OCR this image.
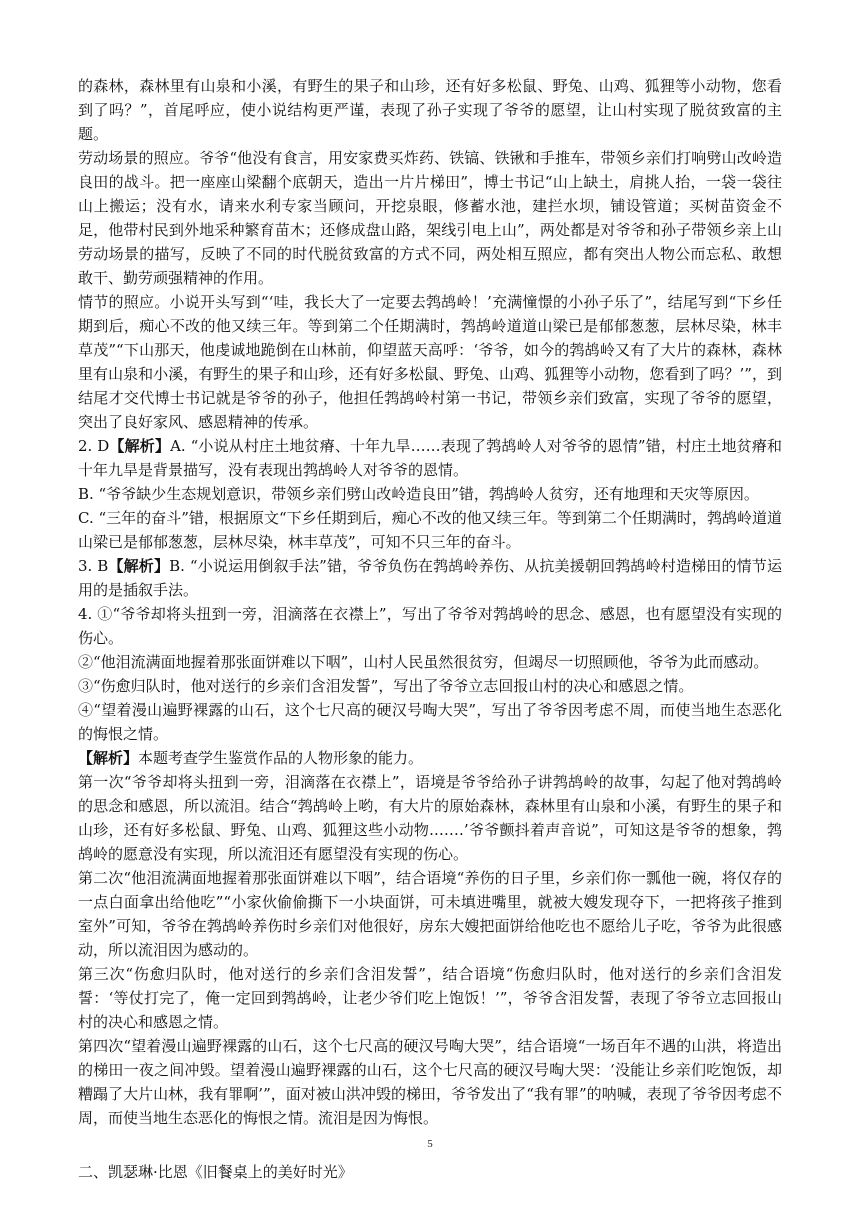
的森林，森林里有山泉和小溪，有野生的果子和山珍，还有好多松鼠、野兔、山鸡、狐狸等小动物，您看到了吗？”，首尾呼应，使小说结构更严谨，表现了孙子实现了爷爷的愿望，让山村实现了脱贫致富的主题。

劳动场景的照应。爷爷“他没有食言，用安家费买炸药、铁镐、铁锹和手推车，带领乡亲们打响劈山改岭造良田的战斗。把一座座山梁翻个底朝天，造出一片片梯田”，博士书记“山上缺土，肩挑人抬，一袋一袋往山上搬运；没有水，请来水利专家当顾问，开挖泉眼，修蓄水池，建拦水坝，铺设管道；买树苗资金不足，他带村民到外地采种繁育苗木；还修成盘山路，架线引电上山”，两处都是对爷爷和孙子带领乡亲上山劳动场景的描写，反映了不同的时代脱贫致富的方式不同，两处相互照应，都有突出人物公而忘私、敢想敢干、勤劳顽强精神的作用。

情节的照应。小说开头写到“‘哇，我长大了一定要去鹁鸪岭！’充满憧憬的小孙子乐了”，结尾写到“下乡任期到后，痴心不改的他又续三年。等到第二个任期满时，鹁鸪岭道道山梁已是郁郁葱葱，层林尽染，林丰草茂”“下山那天，他虔诚地跪倒在山林前，仰望蓝天高呼：‘爷爷，如今的鹁鸪岭又有了大片的森林，森林里有山泉和小溪，有野生的果子和山珍，还有好多松鼠、野兔、山鸡、狐狸等小动物，您看到了吗？’”，到结尾才交代博士书记就是爷爷的孙子，他担任鹁鸪岭村第一书记，带领乡亲们致富，实现了爷爷的愿望，突出了良好家风、感恩精神的传承。

2. D【解析】A. “小说从村庄土地贫瘠、十年九旱……表现了鹁鸪岭人对爷爷的恩情”错，村庄土地贫瘠和十年九旱是背景描写，没有表现出鹁鸪岭人对爷爷的恩情。

B. “爷爷缺少生态规划意识，带领乡亲们劈山改岭造良田”错，鹁鸪岭人贫穷，还有地理和天灾等原因。

C. “三年的奋斗”错，根据原文“下乡任期到后，痴心不改的他又续三年。等到第二个任期满时，鹁鸪岭道道山梁已是郁郁葱葱，层林尽染，林丰草茂”，可知不只三年的奋斗。

3. B【解析】B. “小说运用倒叙手法”错，爷爷负伤在鹁鸪岭养伤、从抗美援朝回鹁鸪岭村造梯田的情节运用的是插叙手法。

4. ①“爷爷却将头扭到一旁，泪滴落在衣襟上”，写出了爷爷对鹁鸪岭的思念、感恩，也有愿望没有实现的伤心。

②“他泪流满面地握着那张面饼难以下咽”，山村人民虽然很贫穷，但竭尽一切照顾他，爷爷为此而感动。

③“伤愈归队时，他对送行的乡亲们含泪发誓”，写出了爷爷立志回报山村的决心和感恩之情。

④“望着漫山遍野裸露的山石，这个七尺高的硬汉号啕大哭”，写出了爷爷因考虑不周，而使当地生态恶化的悔恨之情。

【解析】本题考查学生鉴赏作品的人物形象的能力。

第一次“爷爷却将头扭到一旁，泪滴落在衣襟上”，语境是爷爷给孙子讲鹁鸪岭的故事，勾起了他对鹁鸪岭的思念和感恩，所以流泪。结合“鹁鸪岭上哟，有大片的原始森林，森林里有山泉和小溪，有野生的果子和山珍，还有好多松鼠、野兔、山鸡、狐狸这些小动物.……’爷爷颤抖着声音说”，可知这是爷爷的想象，鹁鸪岭的愿意没有实现，所以流泪还有愿望没有实现的伤心。

第二次“他泪流满面地握着那张面饼难以下咽”，结合语境“养伤的日子里，乡亲们你一瓢他一碗，将仅存的一点白面拿出给他吃”“小家伙偷偷撕下一小块面饼，可未填进嘴里，就被大嫂发现夺下，一把将孩子推到室外”可知，爷爷在鹁鸪岭养伤时乡亲们对他很好，房东大嫂把面饼给他吃也不愿给儿子吃，爷爷为此很感动，所以流泪因为感动的。

第三次“伤愈归队时，他对送行的乡亲们含泪发誓”，结合语境“伤愈归队时，他对送行的乡亲们含泪发誓：‘等仗打完了，俺一定回到鹁鸪岭，让老少爷们吃上饱饭！’”，爷爷含泪发誓，表现了爷爷立志回报山村的决心和感恩之情。

第四次“望着漫山遍野裸露的山石，这个七尺高的硬汉号啕大哭”，结合语境“一场百年不遇的山洪，将造出的梯田一夜之间冲毁。望着漫山遍野裸露的山石，这个七尺高的硬汉号啕大哭：‘没能让乡亲们吃饱饭，却糟蹋了大片山林，我有罪啊’”，面对被山洪冲毁的梯田，爷爷发出了“我有罪”的呐喊，表现了爷爷因考虑不周，而使当地生态恶化的悔恨之情。流泪是因为悔恨。

二、凯瑟琳·比恩《旧餐桌上的美好时光》

5
